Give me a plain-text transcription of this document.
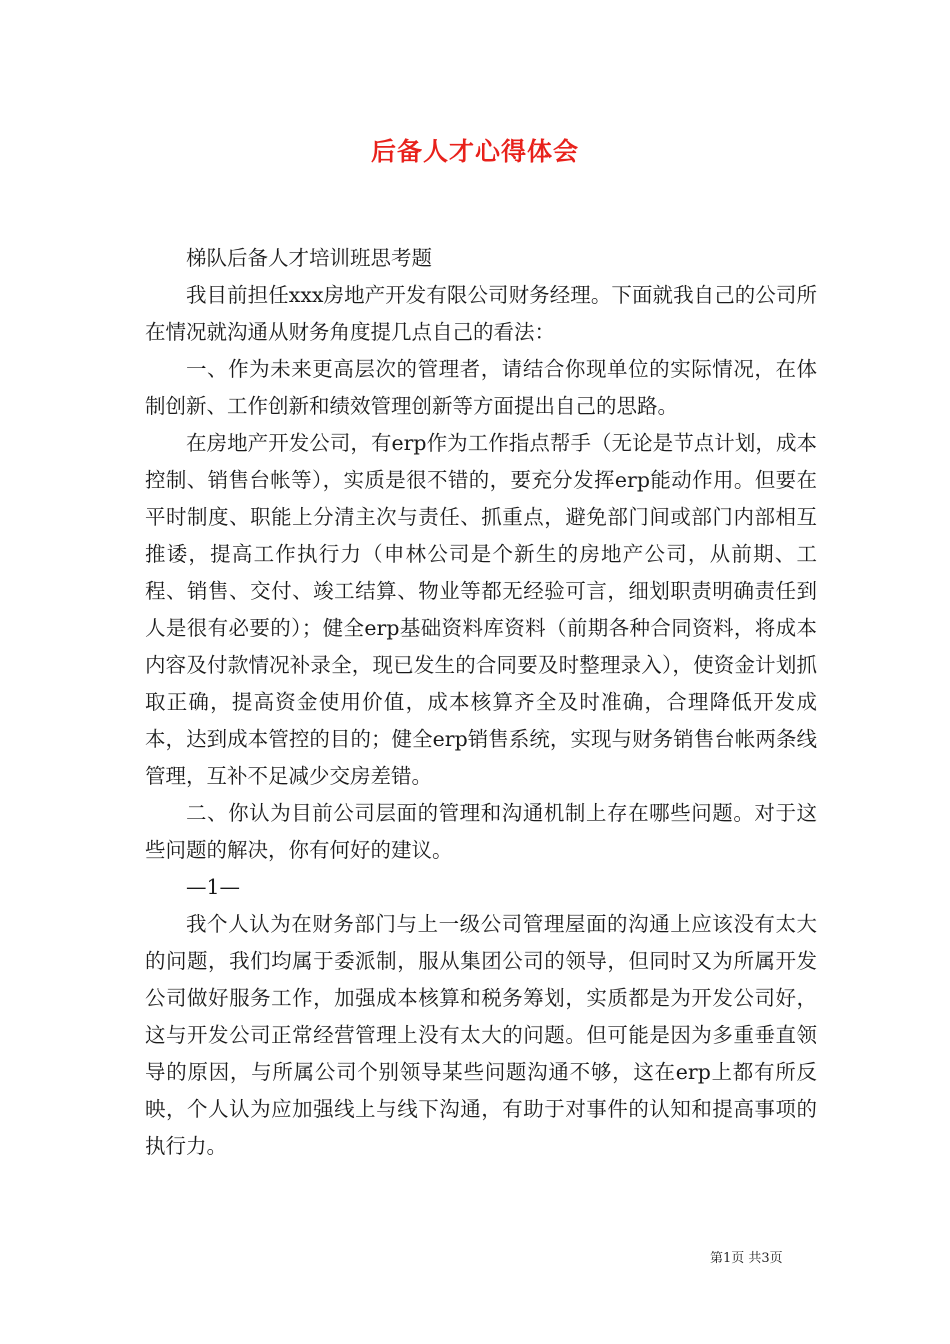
后备人才心得体会

梯队后备人才培训班思考题

我目前担任xxx房地产开发有限公司财务经理。下面就我自己的公司所在情况就沟通从财务角度提几点自己的看法：

一、作为未来更高层次的管理者，请结合你现单位的实际情况，在体制创新、工作创新和绩效管理创新等方面提出自己的思路。

在房地产开发公司，有erp作为工作指点帮手（无论是节点计划，成本控制、销售台帐等），实质是很不错的，要充分发挥erp能动作用。但要在平时制度、职能上分清主次与责任、抓重点，避免部门间或部门内部相互推诿，提高工作执行力（申林公司是个新生的房地产公司，从前期、工程、销售、交付、竣工结算、物业等都无经验可言，细划职责明确责任到人是很有必要的）；健全erp基础资料库资料（前期各种合同资料，将成本内容及付款情况补录全，现已发生的合同要及时整理录入），使资金计划抓取正确，提高资金使用价值，成本核算齐全及时准确，合理降低开发成本，达到成本管控的目的；健全erp销售系统，实现与财务销售台帐两条线管理，互补不足减少交房差错。

二、你认为目前公司层面的管理和沟通机制上存在哪些问题。对于这些问题的解决，你有何好的建议。

—1—

我个人认为在财务部门与上一级公司管理屋面的沟通上应该没有太大的问题，我们均属于委派制，服从集团公司的领导，但同时又为所属开发公司做好服务工作，加强成本核算和税务筹划，实质都是为开发公司好，这与开发公司正常经营管理上没有太大的问题。但可能是因为多重垂直领导的原因，与所属公司个别领导某些问题沟通不够，这在erp上都有所反映，个人认为应加强线上与线下沟通，有助于对事件的认知和提高事项的执行力。

第1页 共3页
